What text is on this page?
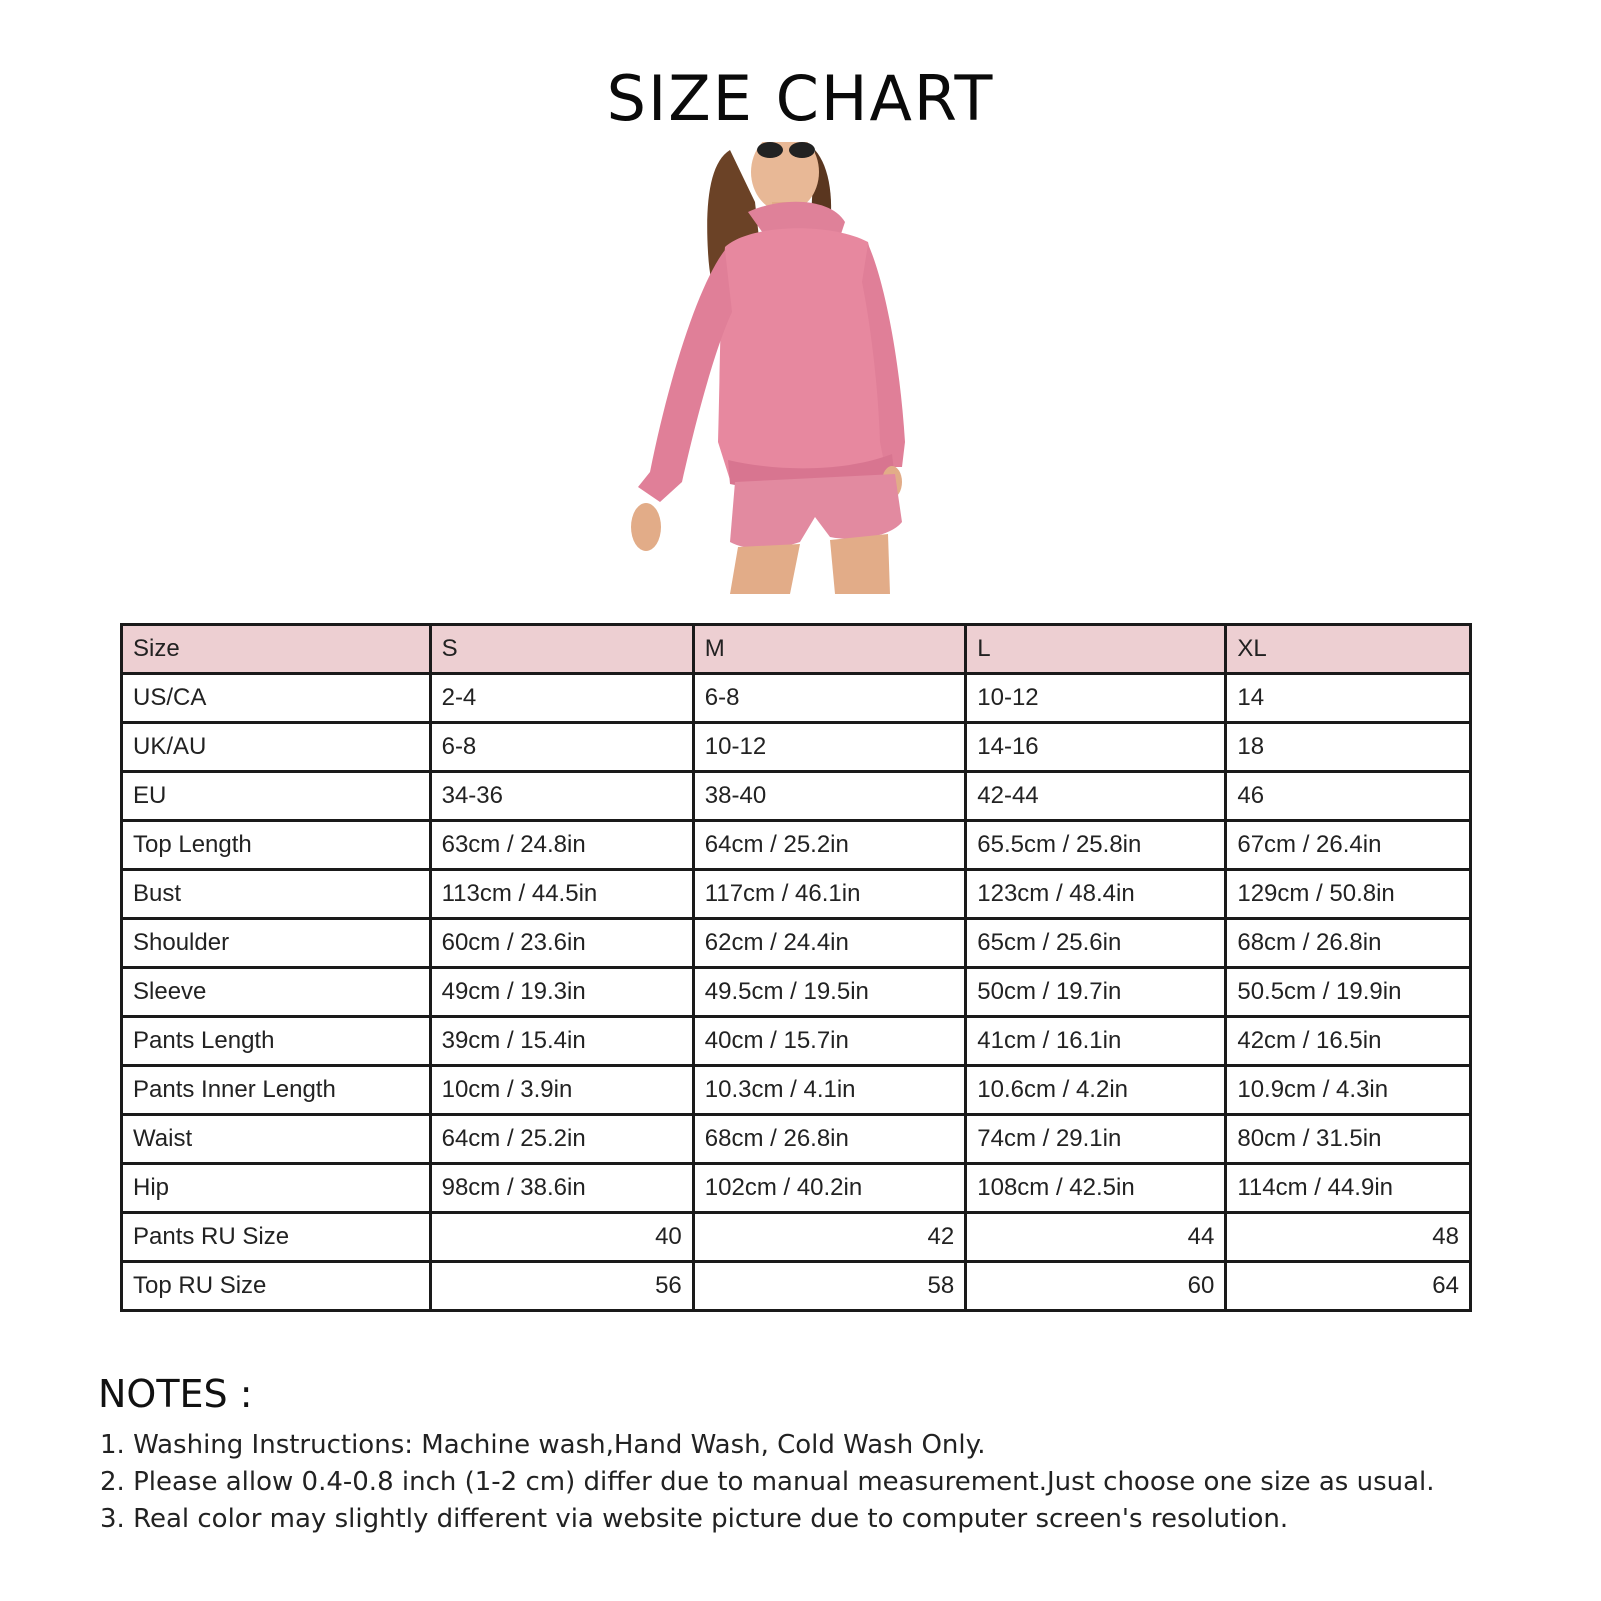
SIZE CHART
Size	S	M	L	XL
US/CA	2-4	6-8	10-12	14
UK/AU	6-8	10-12	14-16	18
EU	34-36	38-40	42-44	46
Top Length	63cm / 24.8in	64cm / 25.2in	65.5cm / 25.8in	67cm / 26.4in
Bust	113cm / 44.5in	117cm / 46.1in	123cm / 48.4in	129cm / 50.8in
Shoulder	60cm / 23.6in	62cm / 24.4in	65cm / 25.6in	68cm / 26.8in
Sleeve	49cm / 19.3in	49.5cm / 19.5in	50cm / 19.7in	50.5cm / 19.9in
Pants Length	39cm / 15.4in	40cm / 15.7in	41cm / 16.1in	42cm / 16.5in
Pants Inner Length	10cm / 3.9in	10.3cm / 4.1in	10.6cm / 4.2in	10.9cm / 4.3in
Waist	64cm / 25.2in	68cm / 26.8in	74cm / 29.1in	80cm / 31.5in
Hip	98cm / 38.6in	102cm / 40.2in	108cm / 42.5in	114cm / 44.9in
Pants RU Size	40	42	44	48
Top RU Size	56	58	60	64
NOTES :
1. Washing Instructions: Machine wash,Hand Wash, Cold Wash Only.
2. Please allow 0.4-0.8 inch (1-2 cm) differ due to manual measurement.Just choose one size as usual.
3. Real color may slightly different via website picture due to computer screen's resolution.
